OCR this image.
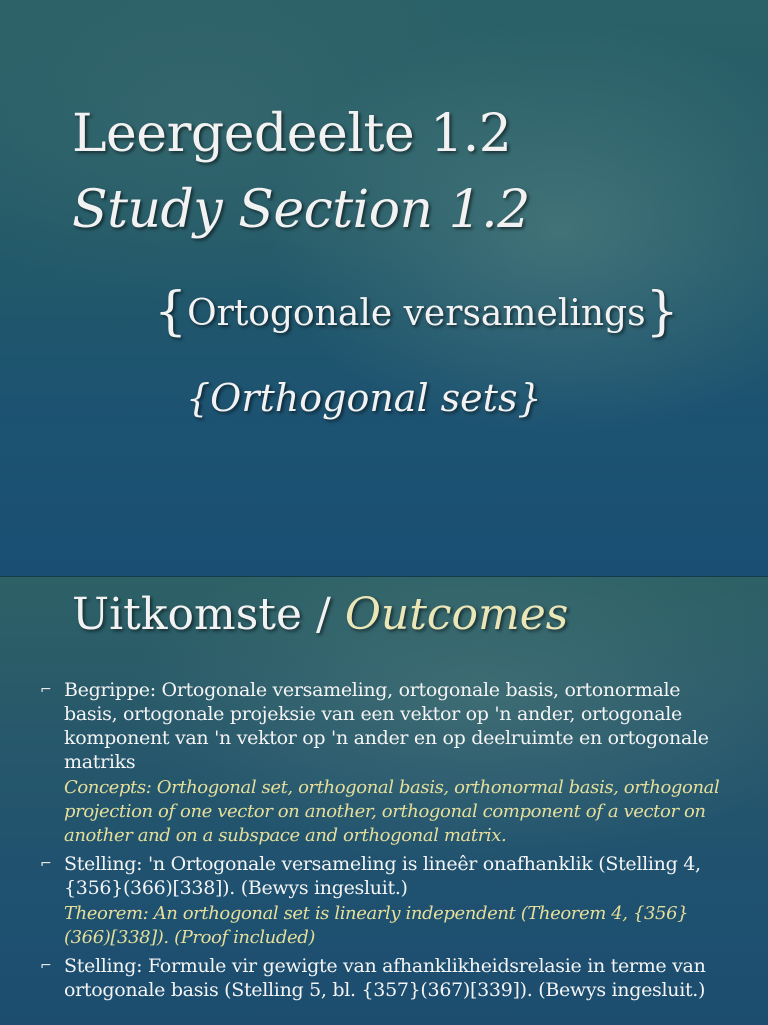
Leergedeelte 1.2
Study Section 1.2
{Ortogonale versamelings}
{Orthogonal sets}
Uitkomste / Outcomes
⌐ Begrippe: Ortogonale versameling, ortogonale basis, ortonormale basis, ortogonale projeksie van een vektor op 'n ander, ortogonale komponent van 'n vektor op 'n ander en op deelruimte en ortogonale matriks

Concepts: Orthogonal set, orthogonal basis, orthonormal basis, orthogonal projection of one vector on another, orthogonal component of a vector on another and on a subspace and orthogonal matrix.

⌐ Stelling: 'n Ortogonale versameling is lineêr onafhanklik (Stelling 4, {356}(366)[338]). (Bewys ingesluit.)

Theorem: An orthogonal set is linearly independent (Theorem 4, {356}(366)[338]). (Proof included)

⌐ Stelling: Formule vir gewigte van afhanklikheidsrelasie in terme van ortogonale basis (Stelling 5, bl. {357}(367)[339]). (Bewys ingesluit.)
